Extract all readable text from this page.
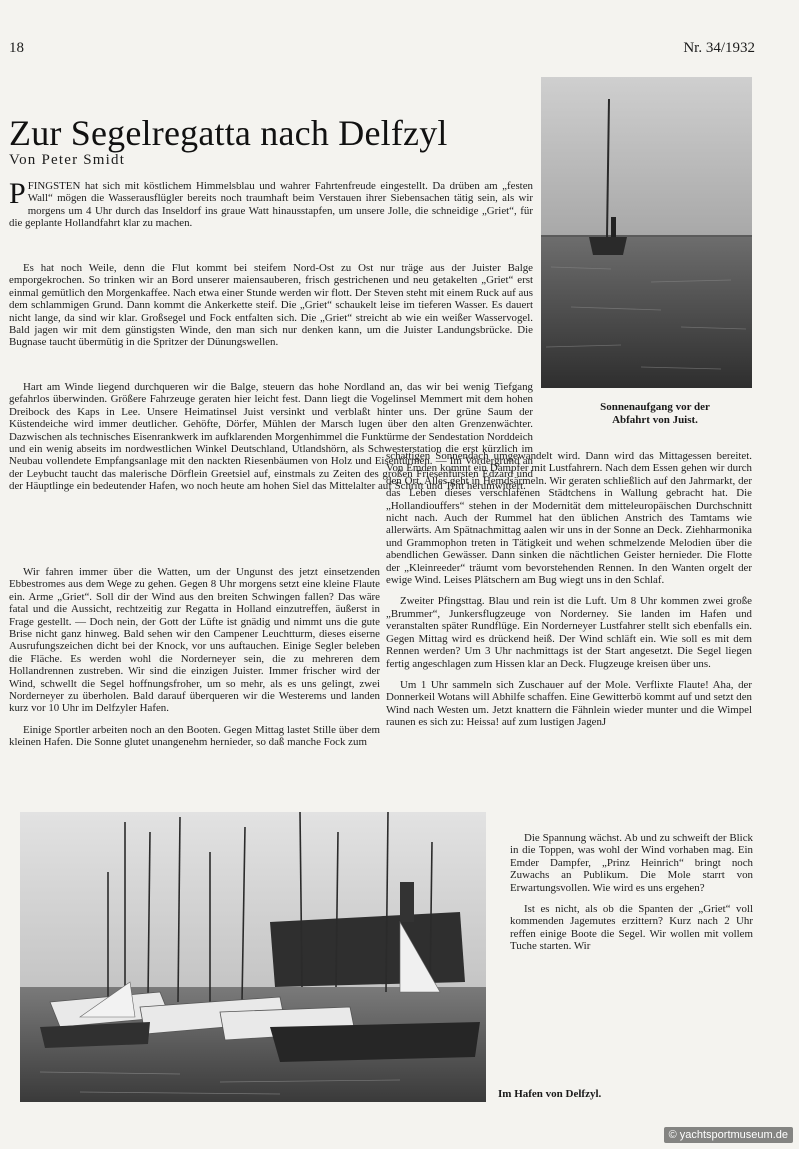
18	Nr. 34/1932
Zur Segelregatta nach Delfzyl
Von Peter Smidt
Sonnenaufgang vor der Abfahrt von Juist.

PFINGSTEN hat sich mit köstlichem Himmelsblau und wahrer Fahrtenfreude eingestellt. Da drüben am „festen Wall“ mögen die Wasserausflügler bereits noch traumhaft beim Verstauen ihrer Siebensachen tätig sein, als wir morgens um 4 Uhr durch das Inseldorf ins graue Watt hinausstapfen, um unsere Jolle, die schneidige „Griet“, für die geplante Hollandfahrt klar zu machen.

Es hat noch Weile, denn die Flut kommt bei steifem Nord-Ost zu Ost nur träge aus der Juister Balge emporgekrochen. So trinken wir an Bord unserer maiensauberen, frisch gestrichenen und neu getakelten „Griet“ erst einmal gemütlich den Morgenkaffee. Nach etwa einer Stunde werden wir flott. Der Steven steht mit einem Ruck auf aus dem schlammigen Grund. Dann kommt die Ankerkette steif. Die „Griet“ schaukelt leise im tieferen Wasser. Es dauert nicht lange, da sind wir klar. Großsegel und Fock entfalten sich. Die „Griet“ streicht ab wie ein weißer Wasservogel. Bald jagen wir mit dem günstigsten Winde, den man sich nur denken kann, um die Juister Landungsbrücke. Die Bugnase taucht übermütig in die Spritzer der Dünungswellen.

Hart am Winde liegend durchqueren wir die Balge, steuern das hohe Nordland an, das wir bei wenig Tiefgang gefahrlos überwinden. Größere Fahrzeuge geraten hier leicht fest. Dann liegt die Vogelinsel Memmert mit dem hohen Dreibock des Kaps in Lee. Unsere Heimatinsel Juist versinkt und verblaßt hinter uns. Der grüne Saum der Küstendeiche wird immer deutlicher. Gehöfte, Dörfer, Mühlen der Marsch lugen über den alten Grenzenwächter. Dazwischen als technisches Eisenrankwerk im aufklarenden Morgenhimmel die Funktürme der Sendestation Norddeich und ein wenig abseits im nordwestlichen Winkel Deutschland, Utlandshörn, als Schwesterstation die erst kürzlich im Neubau vollendete Empfangsanlage mit den nackten Riesenbäumen von Holz und Eisentürmen. — Im Vordergrund an der Leybucht taucht das malerische Dörflein Greetsiel auf, einstmals zu Zeiten des großen Friesenfürsten Edzard und der Häuptlinge ein bedeutender Hafen, wo noch heute am hohen Siel das Mittelalter auf Schritt und Tritt herumwittert.

Wir fahren immer über die Watten, um der Ungunst des jetzt einsetzenden Ebbestromes aus dem Wege zu gehen. Gegen 8 Uhr morgens setzt eine kleine Flaute ein. Arme „Griet“. Soll dir der Wind aus den breiten Schwingen fallen? Das wäre fatal und die Aussicht, rechtzeitig zur Regatta in Holland einzutreffen, äußerst in Frage gestellt. — Doch nein, der Gott der Lüfte ist gnädig und nimmt uns die gute Brise nicht ganz hinweg. Bald sehen wir den Campener Leuchtturm, dieses eiserne Ausrufungszeichen dicht bei der Knock, vor uns auftauchen. Einige Segler beleben die Fläche. Es werden wohl die Norderneyer sein, die zu mehreren dem Hollandrennen zustreben. Wir sind die einzigen Juister. Immer frischer wird der Wind, schwellt die Segel hoffnungsfroher, um so mehr, als es uns gelingt, zwei Norderneyer zu überholen. Bald darauf überqueren wir die Westerems und landen kurz vor 10 Uhr im Delfzyler Hafen.

Einige Sportler arbeiten noch an den Booten. Gegen Mittag lastet Stille über dem kleinen Hafen. Die Sonne glutet unangenehm hernieder, so daß manche Fock zum

schattigen Sonnendach umgewandelt wird. Dann wird das Mittagessen bereitet. Von Emden kommt ein Dampfer mit Lustfahrern. Nach dem Essen gehen wir durch den Ort. Alles geht in Hemdsärmeln. Wir geraten schließlich auf den Jahrmarkt, der das Leben dieses verschlafenen Städtchens in Wallung gebracht hat. Die „Hollandiouffers“ stehen in der Modernität dem mitteleuropäischen Durchschnitt nicht nach. Auch der Rummel hat den üblichen Anstrich des Tamtams wie allerwärts. Am Spätnachmittag aalen wir uns in der Sonne an Deck. Ziehharmonika und Grammophon treten in Tätigkeit und wehen schmelzende Melodien über die abendlichen Gewässer. Dann sinken die nächtlichen Geister hernieder. Die Flotte der „Kleinreeder“ träumt vom bevorstehenden Rennen. In den Wanten orgelt der ewige Wind. Leises Plätschern am Bug wiegt uns in den Schlaf.

Zweiter Pfingsttag. Blau und rein ist die Luft. Um 8 Uhr kommen zwei große „Brummer“, Junkersflugzeuge von Norderney. Sie landen im Hafen und veranstalten später Rundflüge. Ein Norderneyer Lustfahrer stellt sich ebenfalls ein. Gegen Mittag wird es drückend heiß. Der Wind schläft ein. Wie soll es mit dem Rennen werden? Um 3 Uhr nachmittags ist der Start angesetzt. Die Segel liegen fertig angeschlagen zum Hissen klar an Deck. Flugzeuge kreisen über uns.

Um 1 Uhr sammeln sich Zuschauer auf der Mole. Verflixte Flaute! Aha, der Donnerkeil Wotans will Abhilfe schaffen. Eine Gewitterbö kommt auf und setzt den Wind nach Westen um. Jetzt knattern die Fähnlein wieder munter und die Wimpel raunen es sich zu: Heissa! auf zum lustigen JagenJ

Die Spannung wächst. Ab und zu schweift der Blick in die Toppen, was wohl der Wind vorhaben mag. Ein Emder Dampfer, „Prinz Heinrich“ bringt noch Zuwachs an Publikum. Die Mole starrt von Erwartungsvollen. Wie wird es uns ergehen?

Ist es nicht, als ob die Spanten der „Griet“ voll kommenden Jagemutes erzittern? Kurz nach 2 Uhr reffen einige Boote die Segel. Wir wollen mit vollem Tuche starten. Wir

Im Hafen von Delfzyl.
© yachtsportmuseum.de
